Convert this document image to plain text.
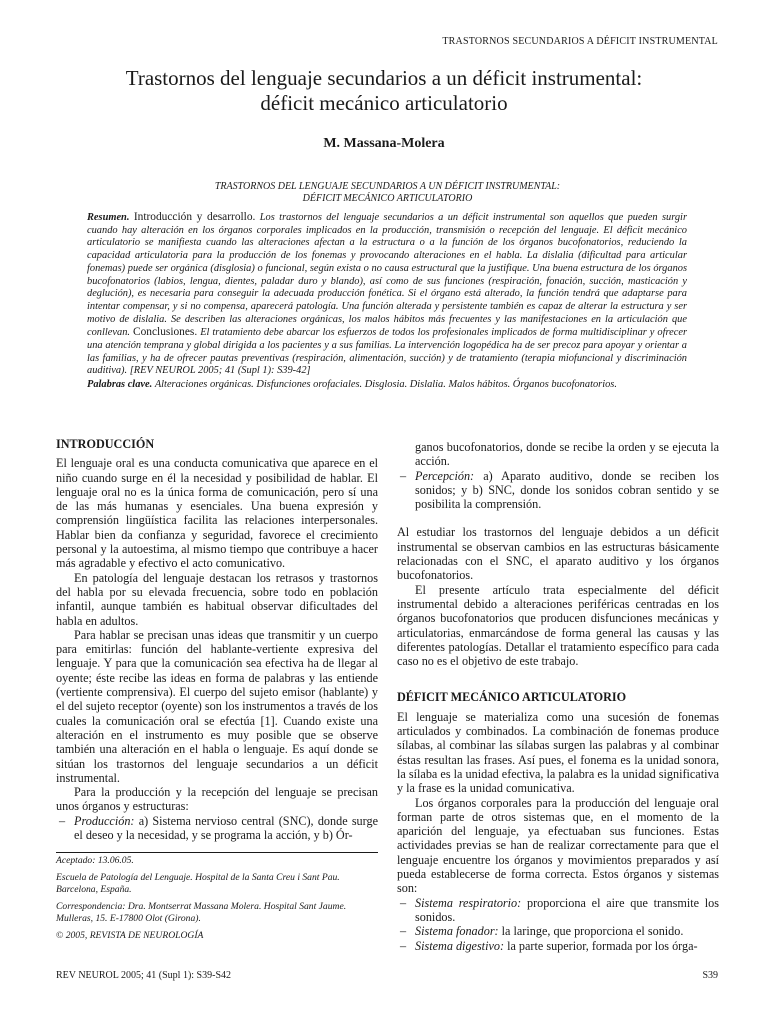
TRASTORNOS SECUNDARIOS A DÉFICIT INSTRUMENTAL
Trastornos del lenguaje secundarios a un déficit instrumental:
déficit mecánico articulatorio
M. Massana-Molera
TRASTORNOS DEL LENGUAJE SECUNDARIOS A UN DÉFICIT INSTRUMENTAL:
DÉFICIT MECÁNICO ARTICULATORIO
Resumen. Introducción y desarrollo. Los trastornos del lenguaje secundarios a un déficit instrumental son aquellos que pueden surgir cuando hay alteración en los órganos corporales implicados en la producción, transmisión o recepción del lenguaje. El déficit mecánico articulatorio se manifiesta cuando las alteraciones afectan a la estructura o a la función de los órganos bucofonatorios, reduciendo la capacidad articulatoria para la producción de los fonemas y provocando alteraciones en el habla. La dislalia (dificultad para articular fonemas) puede ser orgánica (disglosia) o funcional, según exista o no causa estructural que la justifique. Una buena estructura de los órganos bucofonatorios (labios, lengua, dientes, paladar duro y blando), así como de sus funciones (respiración, fonación, succión, masticación y deglución), es necesaria para conseguir la adecuada producción fonética. Si el órgano está alterado, la función tendrá que adaptarse para intentar compensar, y si no compensa, aparecerá patología. Una función alterada y persistente también es capaz de alterar la estructura y ser motivo de dislalia. Se describen las alteraciones orgánicas, los malos hábitos más frecuentes y las manifestaciones en la articulación que conllevan. Conclusiones. El tratamiento debe abarcar los esfuerzos de todos los profesionales implicados de forma multidisciplinar y ofrecer una atención temprana y global dirigida a los pacientes y a sus familias. La intervención logopédica ha de ser precoz para apoyar y orientar a las familias, y ha de ofrecer pautas preventivas (respiración, alimentación, succión) y de tratamiento (terapia miofuncional y discriminación auditiva). [REV NEUROL 2005; 41 (Supl 1): S39-42]
Palabras clave. Alteraciones orgánicas. Disfunciones orofaciales. Disglosia. Dislalia. Malos hábitos. Órganos bucofonatorios.
INTRODUCCIÓN

El lenguaje oral es una conducta comunicativa que aparece en el niño cuando surge en él la necesidad y posibilidad de hablar. El lenguaje oral no es la única forma de comunicación, pero sí una de las más humanas y esenciales. Una buena expresión y comprensión lingüística facilita las relaciones interpersonales. Hablar bien da confianza y seguridad, favorece el crecimiento personal y la autoestima, al mismo tiempo que contribuye a hacer más agradable y efectivo el acto comunicativo.

En patología del lenguaje destacan los retrasos y trastornos del habla por su elevada frecuencia, sobre todo en población infantil, aunque también es habitual observar dificultades del habla en adultos.

Para hablar se precisan unas ideas que transmitir y un cuerpo para emitirlas: función del hablante-vertiente expresiva del lenguaje. Y para que la comunicación sea efectiva ha de llegar al oyente; éste recibe las ideas en forma de palabras y las entiende (vertiente comprensiva). El cuerpo del sujeto emisor (hablante) y el del sujeto receptor (oyente) son los instrumentos a través de los cuales la comunicación oral se efectúa [1]. Cuando existe una alteración en el instrumento es muy posible que se observe también una alteración en el habla o lenguaje. Es aquí donde se sitúan los trastornos del lenguaje secundarios a un déficit instrumental.

Para la producción y la recepción del lenguaje se precisan unos órganos y estructuras:

– Producción: a) Sistema nervioso central (SNC), donde surge el deseo y la necesidad, y se programa la acción, y b) Ór-
ganos bucofonatorios, donde se recibe la orden y se ejecuta la acción.
– Percepción: a) Aparato auditivo, donde se reciben los sonidos; y b) SNC, donde los sonidos cobran sentido y se posibilita la comprensión.

Al estudiar los trastornos del lenguaje debidos a un déficit instrumental se observan cambios en las estructuras básicamente relacionadas con el SNC, el aparato auditivo y los órganos bucofonatorios.

El presente artículo trata especialmente del déficit instrumental debido a alteraciones periféricas centradas en los órganos bucofonatorios que producen disfunciones mecánicas y articulatorias, enmarcándose de forma general las causas y las diferentes patologías. Detallar el tratamiento específico para cada caso no es el objetivo de este trabajo.

DÉFICIT MECÁNICO ARTICULATORIO

El lenguaje se materializa como una sucesión de fonemas articulados y combinados. La combinación de fonemas produce sílabas, al combinar las sílabas surgen las palabras y al combinar éstas resultan las frases. Así pues, el fonema es la unidad sonora, la sílaba es la unidad efectiva, la palabra es la unidad significativa y la frase es la unidad comunicativa.

Los órganos corporales para la producción del lenguaje oral forman parte de otros sistemas que, en el momento de la aparición del lenguaje, ya efectuaban sus funciones. Estas actividades previas se han de realizar correctamente para que el lenguaje encuentre los órganos y movimientos preparados y así pueda establecerse de forma correcta. Estos órganos y sistemas son:

– Sistema respiratorio: proporciona el aire que transmite los sonidos.
– Sistema fonador: la laringe, que proporciona el sonido.
– Sistema digestivo: la parte superior, formada por los órga-

Aceptado: 13.06.05.

Escuela de Patología del Lenguaje. Hospital de la Santa Creu i Sant Pau. Barcelona, España.

Correspondencia: Dra. Montserrat Massana Molera. Hospital Sant Jaume. Mulleras, 15. E-17800 Olot (Girona).

© 2005, REVISTA DE NEUROLOGÍA

REV NEUROL 2005; 41 (Supl 1): S39-S42	S39
